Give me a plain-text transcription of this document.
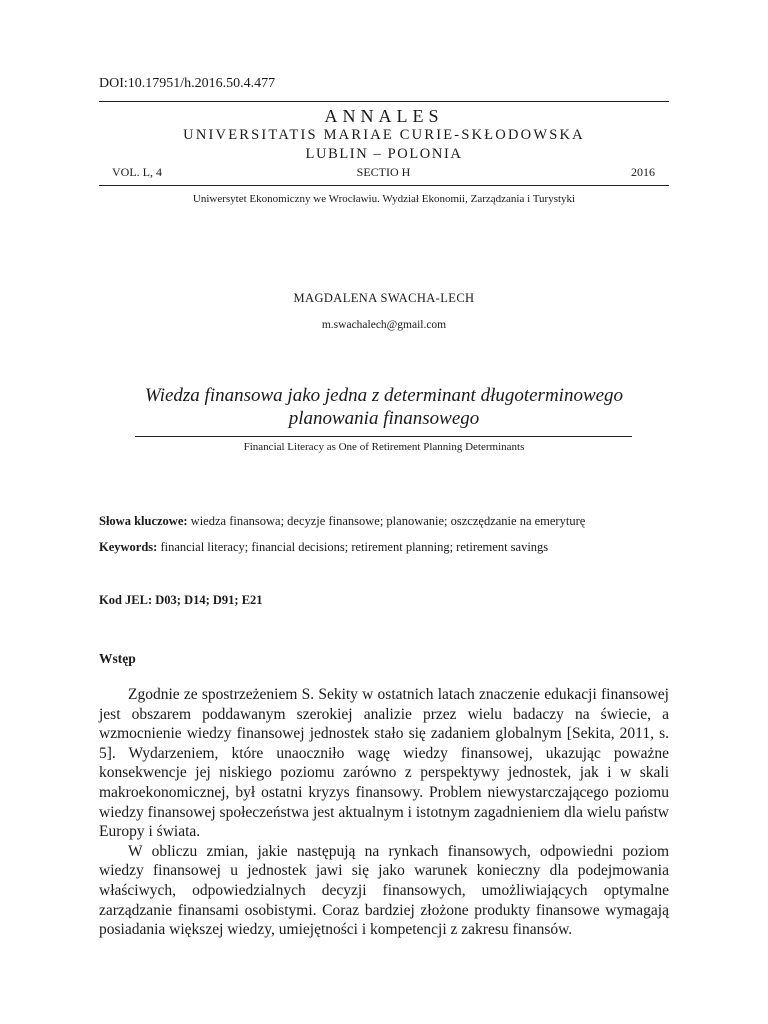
DOI:10.17951/h.2016.50.4.477
ANNALES
UNIVERSITATIS MARIAE CURIE-SKŁODOWSKA
LUBLIN – POLONIA
VOL. L, 4	SECTIO H	2016
Uniwersytet Ekonomiczny we Wrocławiu. Wydział Ekonomii, Zarządzania i Turystyki
MAGDALENA SWACHA-LECH
m.swachalech@gmail.com
Wiedza finansowa jako jedna z determinant długoterminowego
planowania finansowego
Financial Literacy as One of Retirement Planning Determinants
Słowa kluczowe: wiedza finansowa; decyzje finansowe; planowanie; oszczędzanie na emeryturę
Keywords: financial literacy; financial decisions; retirement planning; retirement savings
Kod JEL: D03; D14; D91; E21
Wstęp

Zgodnie ze spostrzeżeniem S. Sekity w ostatnich latach znaczenie edukacji finansowej jest obszarem poddawanym szerokiej analizie przez wielu badaczy na świecie, a wzmocnienie wiedzy finansowej jednostek stało się zadaniem globalnym [Sekita, 2011, s. 5]. Wydarzeniem, które unaoczniło wagę wiedzy finansowej, ukazując poważne konsekwencje jej niskiego poziomu zarówno z perspektywy jednostek, jak i w skali makroekonomicznej, był ostatni kryzys finansowy. Problem niewystarczającego poziomu wiedzy finansowej społeczeństwa jest aktualnym i istotnym zagadnieniem dla wielu państw Europy i świata.

W obliczu zmian, jakie następują na rynkach finansowych, odpowiedni poziom wiedzy finansowej u jednostek jawi się jako warunek konieczny dla podejmowania właściwych, odpowiedzialnych decyzji finansowych, umożliwiających optymalne zarządzanie finansami osobistymi. Coraz bardziej złożone produkty finansowe wymagają posiadania większej wiedzy, umiejętności i kompetencji z zakresu finansów.
